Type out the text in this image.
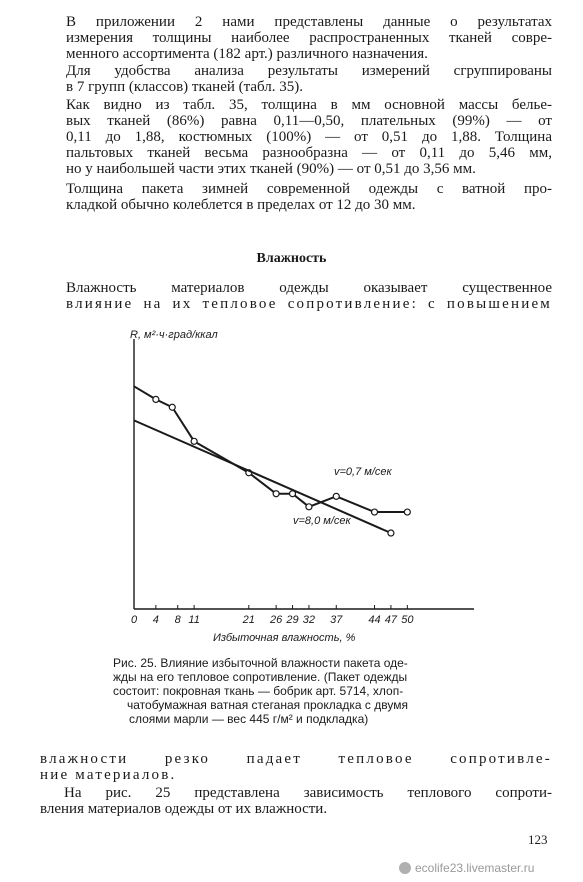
В приложении 2 нами представлены данные о результатах
измерения толщины наиболее распространенных тканей совре-
менного ассортимента (182 арт.) различного назначения.
Для удобства анализа результаты измерений сгруппированы
в 7 групп (классов) тканей (табл. 35).
Как видно из табл. 35, толщина в мм основной массы белье-
вых тканей (86%) равна 0,11—0,50, плательных (99%) — от
0,11 до 1,88, костюмных (100%) — от 0,51 до 1,88. Толщина
пальтовых тканей весьма разнообразна — от 0,11 до 5,46 мм,
но у наибольшей части этих тканей (90%) — от 0,51 до 3,56 мм.
Толщина пакета зимней современной одежды с ватной про-
кладкой обычно колеблется в пределах от 12 до 30 мм.

Влажность

Влажность материалов одежды оказывает существенное
влияние на их тепловое сопротивление: с повышением
0 4 8 11	21 26 29 32 37 44 47 50
R, м²·ч·град/ккал
Избыточная влажность, %
v=0,7 м/сек
v=8,0 м/сек
Рис. 25. Влияние избыточной влажности пакета оде-
жды на его тепловое сопротивление. (Пакет одежды
состоит: покровная ткань — бобрик арт. 5714, хлоп-
чатобумажная ватная стеганая прокладка с двумя
слоями марли — вес 445 г/м² и подкладка)
влажности резко падает тепловое сопротивле-
ние материалов.
На рис. 25 представлена зависимость теплового сопроти-
вления материалов одежды от их влажности.
123
ecolife23.livemaster.ru
